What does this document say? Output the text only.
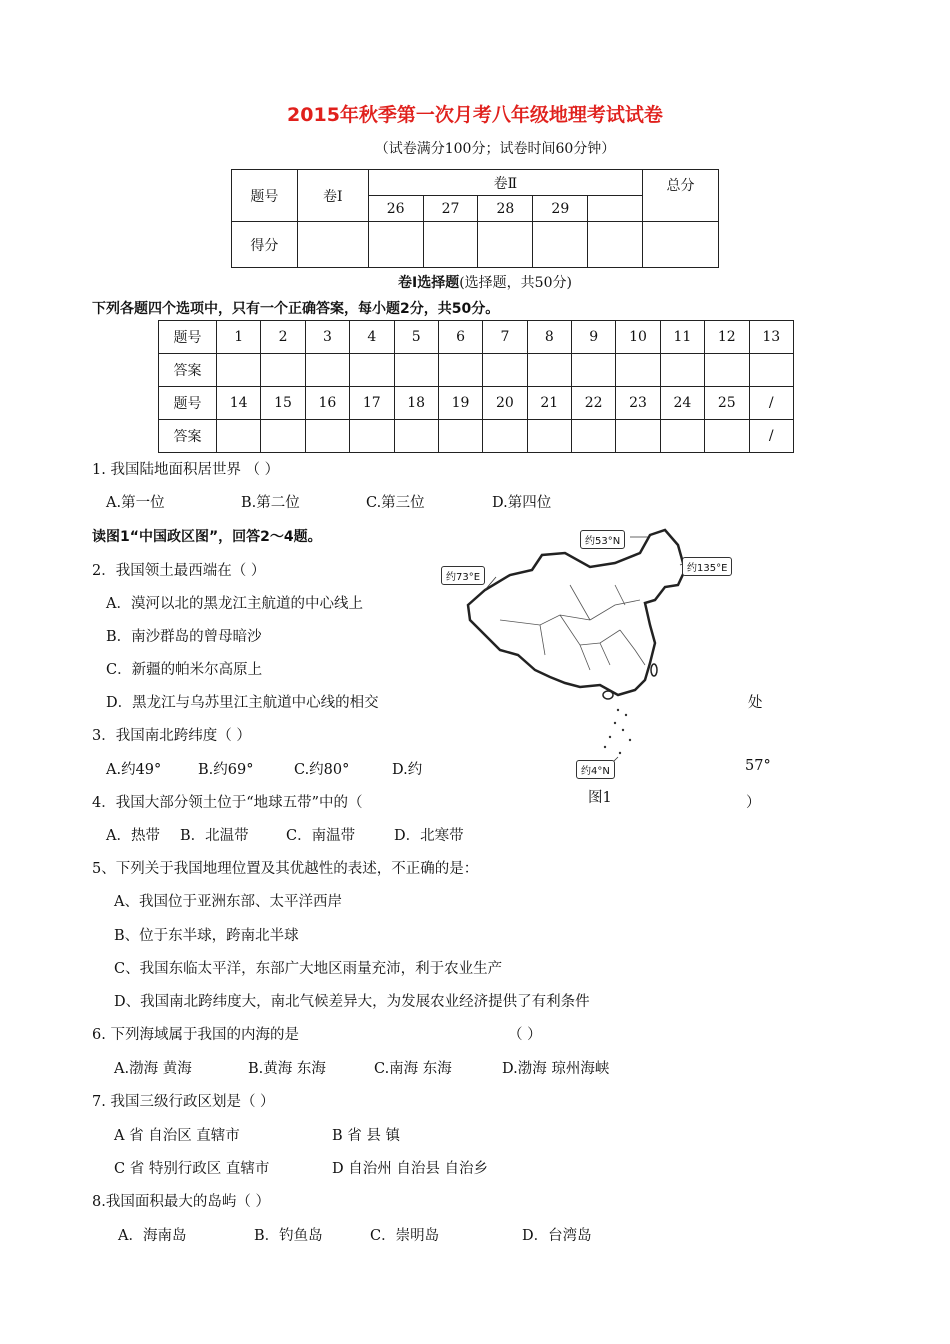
2015年秋季第一次月考八年级地理考试试卷
（试卷满分100分；试卷时间60分钟）
题号	卷Ⅰ	卷Ⅱ					总分
		26	27	28	29		
得分							
卷Ⅰ选择题(选择题，共50分)
下列各题四个选项中，只有一个正确答案，每小题2分，共50分。
题号	1	2	3	4	5	6	7	8	9	10	11	12	13
答案													
题号	14	15	16	17	18	19	20	21	22	23	24	25	/
答案													/
1. 我国陆地面积居世界 （ ）
A.第一位	B.第二位	C.第三位	D.第四位
读图1“中国政区图”，回答2～4题。
2．我国领土最西端在（ ）
A．漠河以北的黑龙江主航道的中心线上
B．南沙群岛的曾母暗沙
C．新疆的帕米尔高原上
D．黑龙江与乌苏里江主航道中心线的相交	处
3．我国南北跨纬度（ ）
A.约49°	B.约69°	C.约80°	D.约	57°
4．我国大部分领土位于“地球五带”中的（	）
A．热带 B．北温带	C．南温带	D．北寒带
约53°N
约135°E
约73°E
约4°N
图1
5、下列关于我国地理位置及其优越性的表述，不正确的是：
A、我国位于亚洲东部、太平洋西岸
B、位于东半球，跨南北半球
C、我国东临太平洋，东部广大地区雨量充沛，利于农业生产
D、我国南北跨纬度大，南北气候差异大，为发展农业经济提供了有利条件
6. 下列海域属于我国的内海的是	（ ）
A.渤海 黄海	B.黄海 东海	C.南海 东海	D.渤海 琼州海峡
7. 我国三级行政区划是（ ）
A 省 自治区 直辖市	B 省 县 镇
C 省 特别行政区 直辖市	D 自治州 自治县 自治乡
8.我国面积最大的岛屿（ ）
A．海南岛	B．钓鱼岛	C．崇明岛	D．台湾岛
